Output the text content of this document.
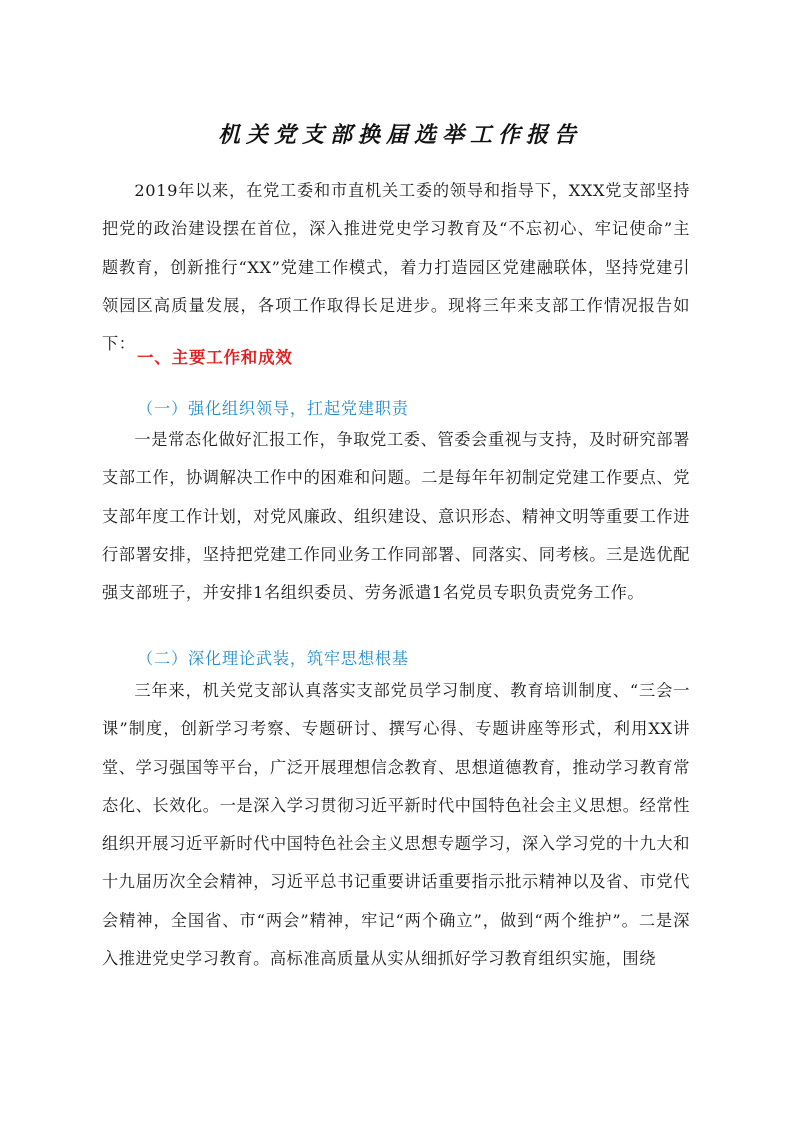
机关党支部换届选举工作报告

2019年以来，在党工委和市直机关工委的领导和指导下，XXX党支部坚持把党的政治建设摆在首位，深入推进党史学习教育及“不忘初心、牢记使命”主题教育，创新推行“XX”党建工作模式，着力打造园区党建融联体，坚持党建引领园区高质量发展，各项工作取得长足进步。现将三年来支部工作情况报告如下：

一、主要工作和成效
（一）强化组织领导，扛起党建职责

一是常态化做好汇报工作，争取党工委、管委会重视与支持，及时研究部署支部工作，协调解决工作中的困难和问题。二是每年年初制定党建工作要点、党支部年度工作计划，对党风廉政、组织建设、意识形态、精神文明等重要工作进行部署安排，坚持把党建工作同业务工作同部署、同落实、同考核。三是选优配强支部班子，并安排1名组织委员、劳务派遣1名党员专职负责党务工作。

（二）深化理论武装，筑牢思想根基

三年来，机关党支部认真落实支部党员学习制度、教育培训制度、“三会一课”制度，创新学习考察、专题研讨、撰写心得、专题讲座等形式，利用XX讲堂、学习强国等平台，广泛开展理想信念教育、思想道德教育，推动学习教育常态化、长效化。一是深入学习贯彻习近平新时代中国特色社会主义思想。经常性组织开展习近平新时代中国特色社会主义思想专题学习，深入学习党的十九大和十九届历次全会精神，习近平总书记重要讲话重要指示批示精神以及省、市党代会精神，全国省、市“两会”精神，牢记“两个确立”，做到“两个维护”。二是深入推进党史学习教育。高标准高质量从实从细抓好学习教育组织实施，围绕
